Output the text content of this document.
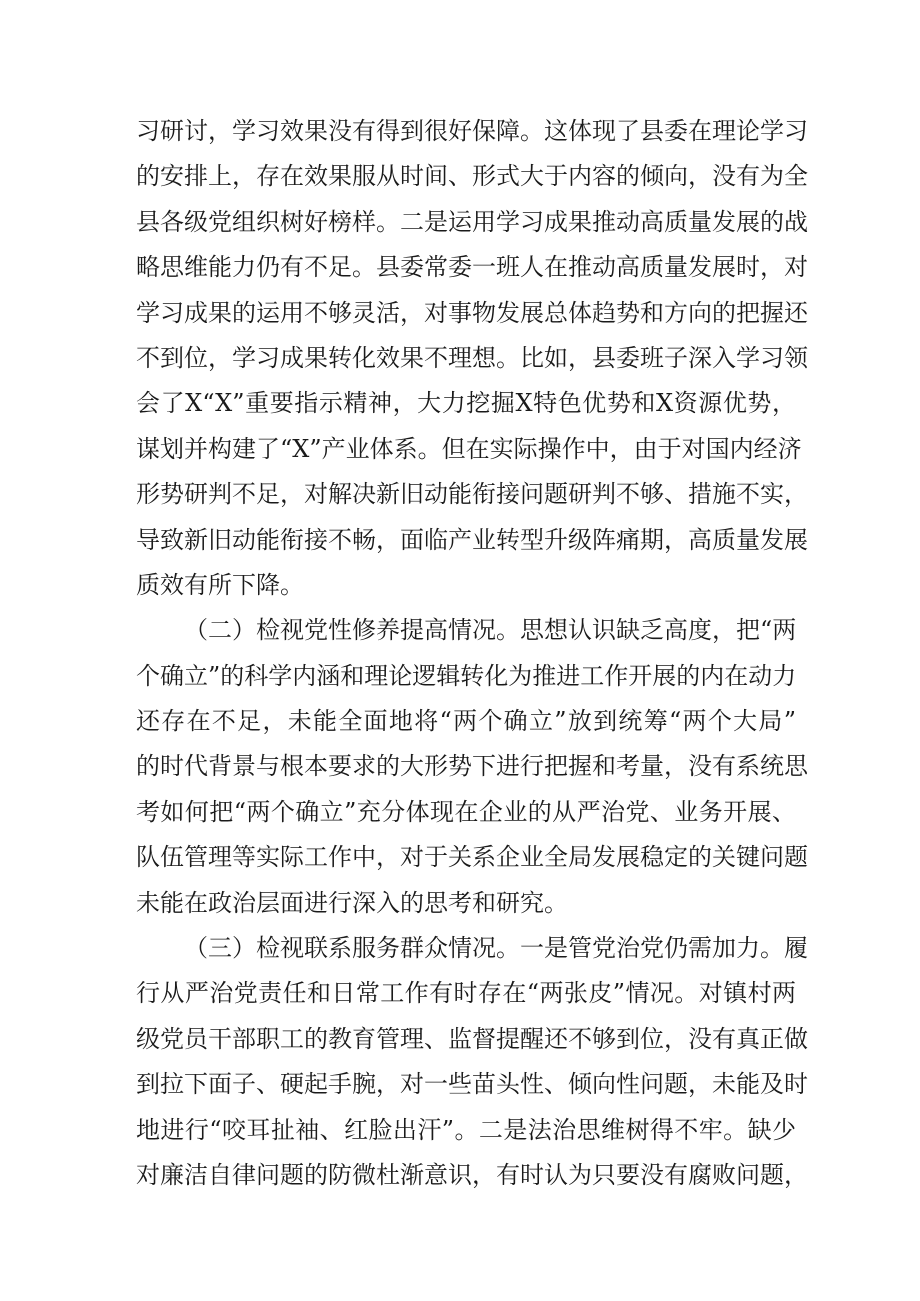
习研讨，学习效果没有得到很好保障。这体现了县委在理论学习
的安排上，存在效果服从时间、形式大于内容的倾向，没有为全
县各级党组织树好榜样。二是运用学习成果推动高质量发展的战
略思维能力仍有不足。县委常委一班人在推动高质量发展时，对
学习成果的运用不够灵活，对事物发展总体趋势和方向的把握还
不到位，学习成果转化效果不理想。比如，县委班子深入学习领
会了X“X”重要指示精神，大力挖掘X特色优势和X资源优势，
谋划并构建了“X”产业体系。但在实际操作中，由于对国内经济
形势研判不足，对解决新旧动能衔接问题研判不够、措施不实，
导致新旧动能衔接不畅，面临产业转型升级阵痛期，高质量发展
质效有所下降。
（二）检视党性修养提高情况。思想认识缺乏高度，把“两
个确立”的科学内涵和理论逻辑转化为推进工作开展的内在动力
还存在不足，未能全面地将“两个确立”放到统筹“两个大局”
的时代背景与根本要求的大形势下进行把握和考量，没有系统思
考如何把“两个确立”充分体现在企业的从严治党、业务开展、
队伍管理等实际工作中，对于关系企业全局发展稳定的关键问题
未能在政治层面进行深入的思考和研究。
（三）检视联系服务群众情况。一是管党治党仍需加力。履
行从严治党责任和日常工作有时存在“两张皮”情况。对镇村两
级党员干部职工的教育管理、监督提醒还不够到位，没有真正做
到拉下面子、硬起手腕，对一些苗头性、倾向性问题，未能及时
地进行“咬耳扯袖、红脸出汗”。二是法治思维树得不牢。缺少
对廉洁自律问题的防微杜渐意识，有时认为只要没有腐败问题，
